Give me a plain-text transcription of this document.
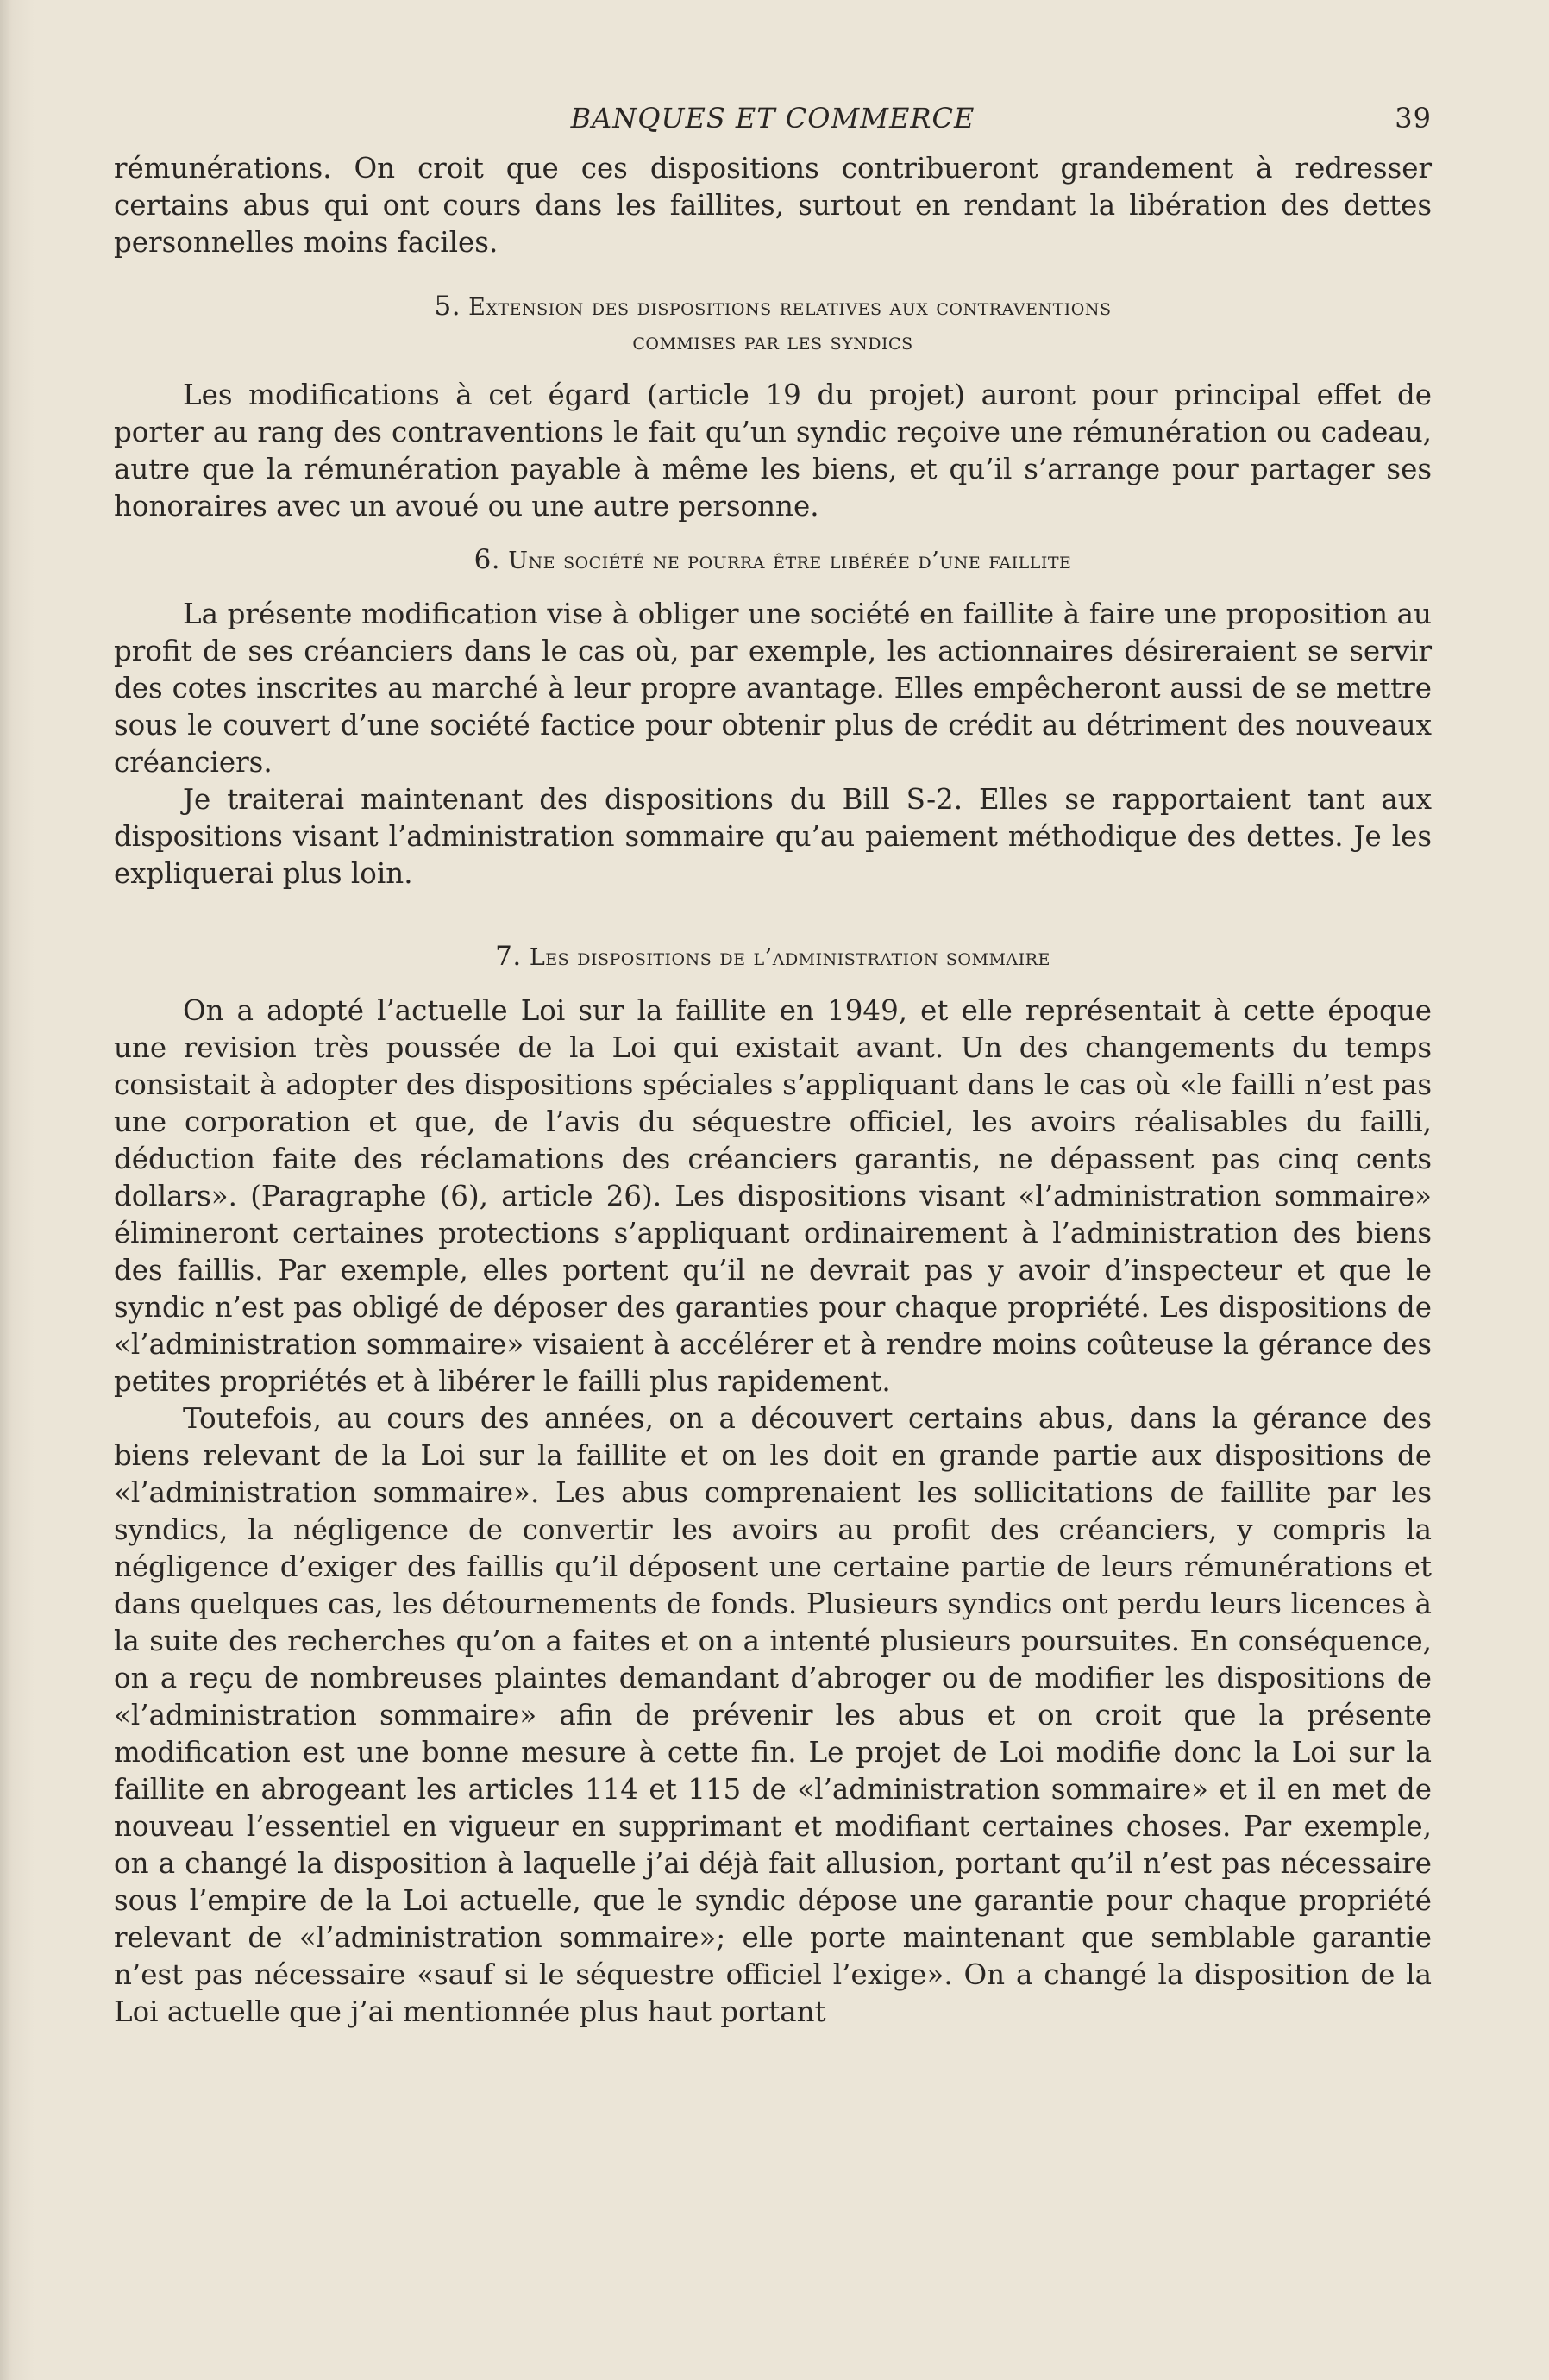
BANQUES ET COMMERCE	39

rémunérations. On croit que ces dispositions contribueront grandement à redresser certains abus qui ont cours dans les faillites, surtout en rendant la libération des dettes personnelles moins faciles.

5. Extension des dispositions relatives aux contraventions
commises par les syndics

Les modifications à cet égard (article 19 du projet) auront pour principal effet de porter au rang des contraventions le fait qu’un syndic reçoive une rémunération ou cadeau, autre que la rémunération payable à même les biens, et qu’il s’arrange pour partager ses honoraires avec un avoué ou une autre personne.

6. Une société ne pourra être libérée d’une faillite

La présente modification vise à obliger une société en faillite à faire une proposition au profit de ses créanciers dans le cas où, par exemple, les actionnaires désireraient se servir des cotes inscrites au marché à leur propre avantage. Elles empêcheront aussi de se mettre sous le couvert d’une société factice pour obtenir plus de crédit au détriment des nouveaux créanciers.

Je traiterai maintenant des dispositions du Bill S-2. Elles se rapportaient tant aux dispositions visant l’administration sommaire qu’au paiement méthodique des dettes. Je les expliquerai plus loin.

7. Les dispositions de l’administration sommaire

On a adopté l’actuelle Loi sur la faillite en 1949, et elle représentait à cette époque une revision très poussée de la Loi qui existait avant. Un des changements du temps consistait à adopter des dispositions spéciales s’appliquant dans le cas où «le failli n’est pas une corporation et que, de l’avis du séquestre officiel, les avoirs réalisables du failli, déduction faite des réclamations des créanciers garantis, ne dépassent pas cinq cents dollars». (Paragraphe (6), article 26). Les dispositions visant «l’administration sommaire» élimineront certaines protections s’appliquant ordinairement à l’administration des biens des faillis. Par exemple, elles portent qu’il ne devrait pas y avoir d’inspecteur et que le syndic n’est pas obligé de déposer des garanties pour chaque propriété. Les dispositions de «l’administration sommaire» visaient à accélérer et à rendre moins coûteuse la gérance des petites propriétés et à libérer le failli plus rapidement.

Toutefois, au cours des années, on a découvert certains abus, dans la gérance des biens relevant de la Loi sur la faillite et on les doit en grande partie aux dispositions de «l’administration sommaire». Les abus comprenaient les sollicitations de faillite par les syndics, la négligence de convertir les avoirs au profit des créanciers, y compris la négligence d’exiger des faillis qu’il déposent une certaine partie de leurs rémunérations et dans quelques cas, les détournements de fonds. Plusieurs syndics ont perdu leurs licences à la suite des recherches qu’on a faites et on a intenté plusieurs poursuites. En conséquence, on a reçu de nombreuses plaintes demandant d’abroger ou de modifier les dispositions de «l’administration sommaire» afin de prévenir les abus et on croit que la présente modification est une bonne mesure à cette fin. Le projet de Loi modifie donc la Loi sur la faillite en abrogeant les articles 114 et 115 de «l’administration sommaire» et il en met de nouveau l’essentiel en vigueur en supprimant et modifiant certaines choses. Par exemple, on a changé la disposition à laquelle j’ai déjà fait allusion, portant qu’il n’est pas nécessaire sous l’empire de la Loi actuelle, que le syndic dépose une garantie pour chaque propriété relevant de «l’administration sommaire»; elle porte maintenant que semblable garantie n’est pas nécessaire «sauf si le séquestre officiel l’exige». On a changé la disposition de la Loi actuelle que j’ai mentionnée plus haut portant
